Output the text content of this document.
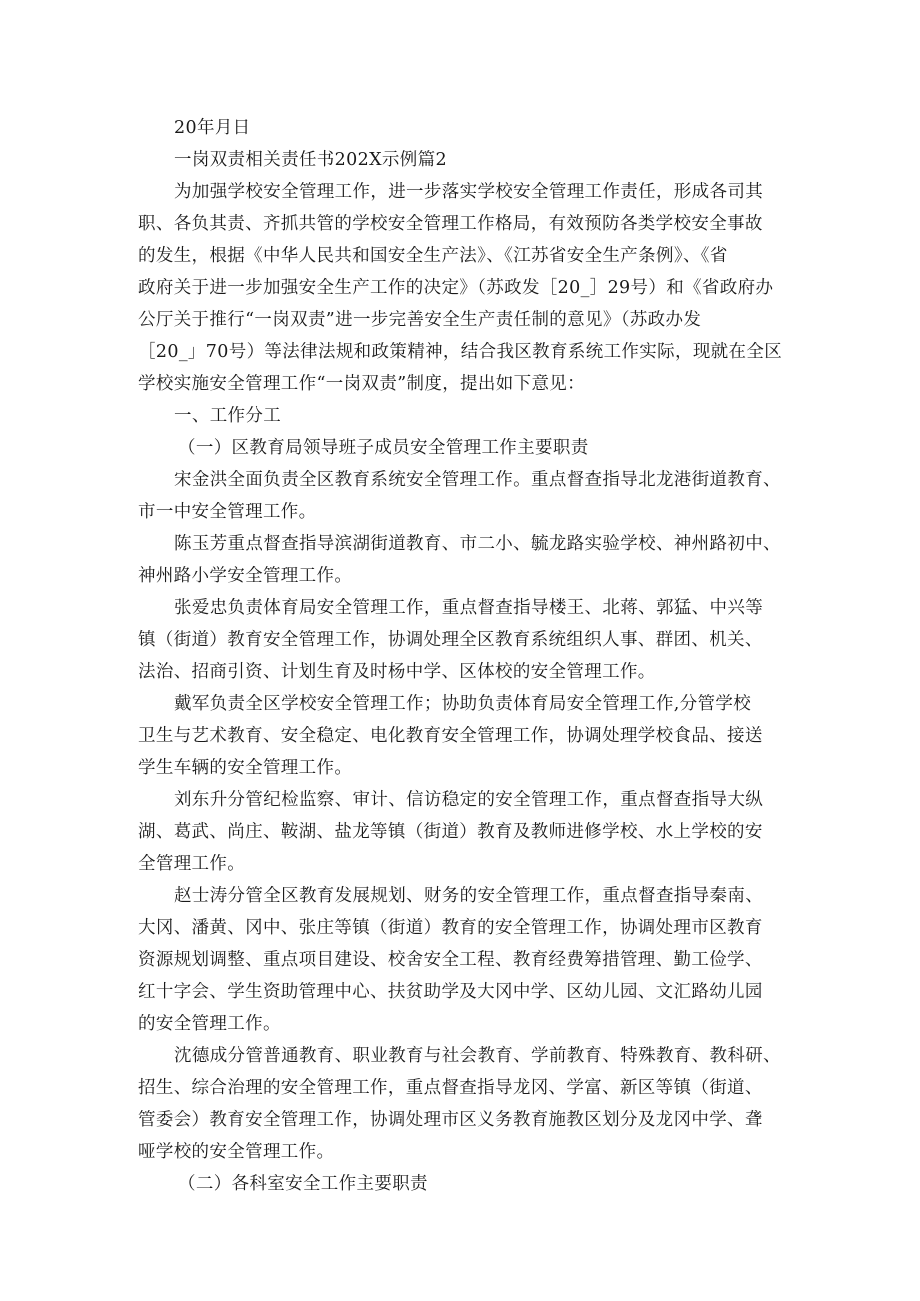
20年月日
一岗双责相关责任书202X示例篇2
为加强学校安全管理工作，进一步落实学校安全管理工作责任，形成各司其
职、各负其责、齐抓共管的学校安全管理工作格局，有效预防各类学校安全事故
的发生，根据《中华人民共和国安全生产法》、《江苏省安全生产条例》、《省
政府关于进一步加强安全生产工作的决定》（苏政发［20_］29号）和《省政府办
公厅关于推行“一岗双责”进一步完善安全生产责任制的意见》（苏政办发
［20_」70号）等法律法规和政策精神，结合我区教育系统工作实际，现就在全区
学校实施安全管理工作“一岗双责”制度，提出如下意见：
一、工作分工
（一）区教育局领导班子成员安全管理工作主要职责
宋金洪全面负责全区教育系统安全管理工作。重点督查指导北龙港街道教育、
市一中安全管理工作。
陈玉芳重点督查指导滨湖街道教育、市二小、毓龙路实验学校、神州路初中、
神州路小学安全管理工作。
张爱忠负责体育局安全管理工作，重点督查指导楼王、北蒋、郭猛、中兴等
镇（街道）教育安全管理工作，协调处理全区教育系统组织人事、群团、机关、
法治、招商引资、计划生育及时杨中学、区体校的安全管理工作。
戴军负责全区学校安全管理工作；协助负责体育局安全管理工作,分管学校
卫生与艺术教育、安全稳定、电化教育安全管理工作，协调处理学校食品、接送
学生车辆的安全管理工作。
刘东升分管纪检监察、审计、信访稳定的安全管理工作，重点督查指导大纵
湖、葛武、尚庄、鞍湖、盐龙等镇（街道）教育及教师进修学校、水上学校的安
全管理工作。
赵士涛分管全区教育发展规划、财务的安全管理工作，重点督查指导秦南、
大冈、潘黄、冈中、张庄等镇（街道）教育的安全管理工作，协调处理市区教育
资源规划调整、重点项目建设、校舍安全工程、教育经费筹措管理、勤工俭学、
红十字会、学生资助管理中心、扶贫助学及大冈中学、区幼儿园、文汇路幼儿园
的安全管理工作。
沈德成分管普通教育、职业教育与社会教育、学前教育、特殊教育、教科研、
招生、综合治理的安全管理工作，重点督查指导龙冈、学富、新区等镇（街道、
管委会）教育安全管理工作，协调处理市区义务教育施教区划分及龙冈中学、聋
哑学校的安全管理工作。
（二）各科室安全工作主要职责
